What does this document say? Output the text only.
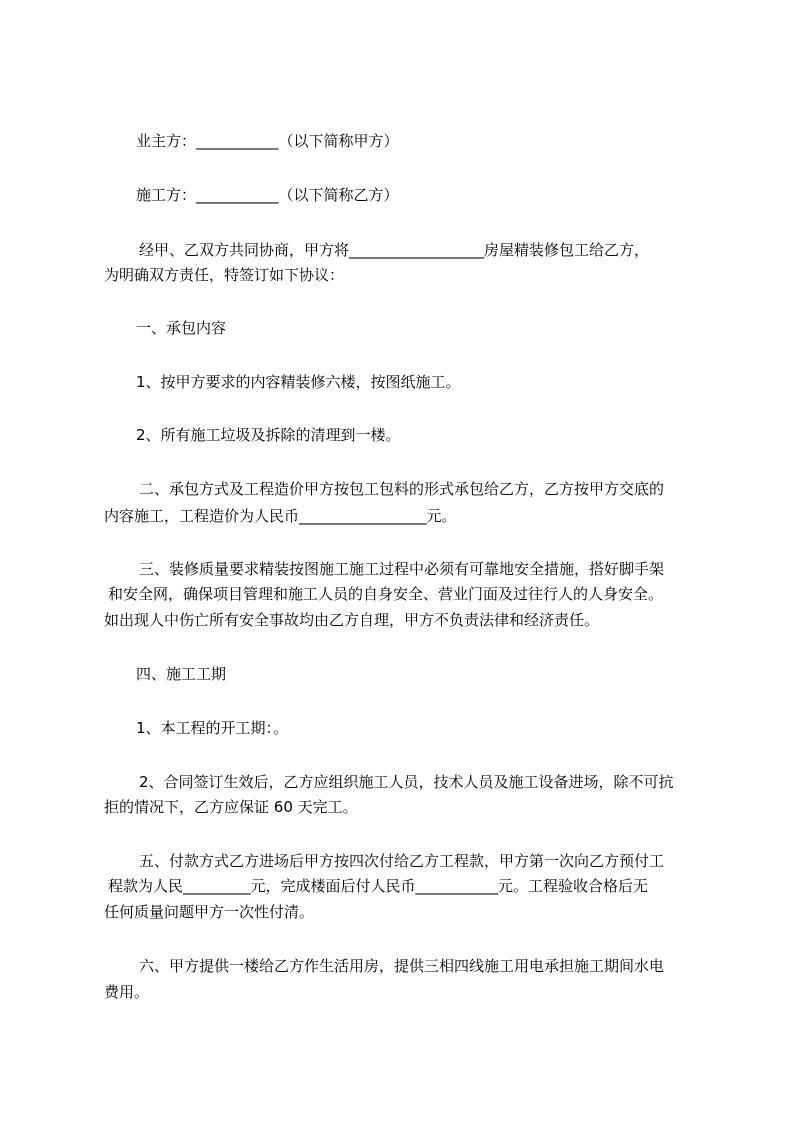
业主方：___________（以下简称甲方）
施工方：___________（以下简称乙方）
经甲、乙双方共同协商，甲方将__________________房屋精装修包工给乙方，
为明确双方责任，特签订如下协议：
一、承包内容
1、按甲方要求的内容精装修六楼，按图纸施工。
2、所有施工垃圾及拆除的清理到一楼。
二、承包方式及工程造价甲方按包工包料的形式承包给乙方，乙方按甲方交底的
内容施工，工程造价为人民币_________________元。
三、装修质量要求精装按图施工施工过程中必须有可靠地安全措施，搭好脚手架
和安全网，确保项目管理和施工人员的自身安全、营业门面及过往行人的人身安全。
如出现人中伤亡所有安全事故均由乙方自理，甲方不负责法律和经济责任。
四、施工工期
1、本工程的开工期：。
2、合同签订生效后，乙方应组织施工人员，技术人员及施工设备进场，除不可抗
拒的情况下，乙方应保证 60 天完工。
五、付款方式乙方进场后甲方按四次付给乙方工程款，甲方第一次向乙方预付工
程款为人民_________元，完成楼面后付人民币___________元。工程验收合格后无
任何质量问题甲方一次性付清。
六、甲方提供一楼给乙方作生活用房，提供三相四线施工用电承担施工期间水电
费用。
